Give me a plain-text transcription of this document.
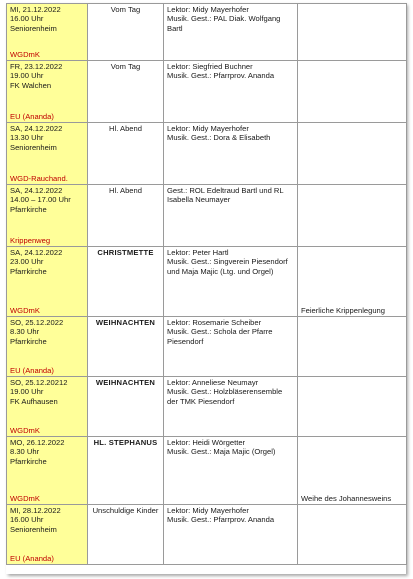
MI, 21.12.2022
16.00 Uhr
Seniorenheim
WGDmK	Vom Tag	Lektor: Midy Mayerhofer
Musik. Gest.: PAL Diak. Wolfgang Bartl	

FR, 23.12.2022
19.00 Uhr
FK Walchen
EU (Ananda)	Vom Tag	Lektor: Siegfried Buchner
Musik. Gest.: Pfarrprov. Ananda	

SA, 24.12.2022
13.30 Uhr
Seniorenheim
WGD-Rauchand.	Hl. Abend	Lektor: Midy Mayerhofer
Musik. Gest.: Dora & Elisabeth	

SA, 24.12.2022
14.00 – 17.00 Uhr
Pfarrkirche
Krippenweg	Hl. Abend	Gest.: ROL Edeltraud Bartl und RL Isabella Neumayer	

SA, 24.12.2022
23.00 Uhr
Pfarrkirche
WGDmK	CHRISTMETTE	Lektor: Peter Hartl
Musik. Gest.: Singverein Piesendorf und Maja Majic (Ltg. und Orgel)	Feierliche Krippenlegung

SO, 25.12.2022
8.30 Uhr
Pfarrkirche
EU (Ananda)	WEIHNACHTEN	Lektor: Rosemarie Scheiber
Musik. Gest.: Schola der Pfarre Piesendorf	

SO, 25.12.20212
19.00 Uhr
FK Aufhausen
WGDmK	WEIHNACHTEN	Lektor: Anneliese Neumayr
Musik. Gest.: Holzbläserensemble der TMK Piesendorf	

MO, 26.12.2022
8.30 Uhr
Pfarrkirche
WGDmK	HL. STEPHANUS	Lektor: Heidi Wörgetter
Musik. Gest.: Maja Majic (Orgel)	Weihe des Johannesweins

MI, 28.12.2022
16.00 Uhr
Seniorenheim
EU (Ananda)	Unschuldige Kinder	Lektor: Midy Mayerhofer
Musik. Gest.: Pfarrprov. Ananda	
